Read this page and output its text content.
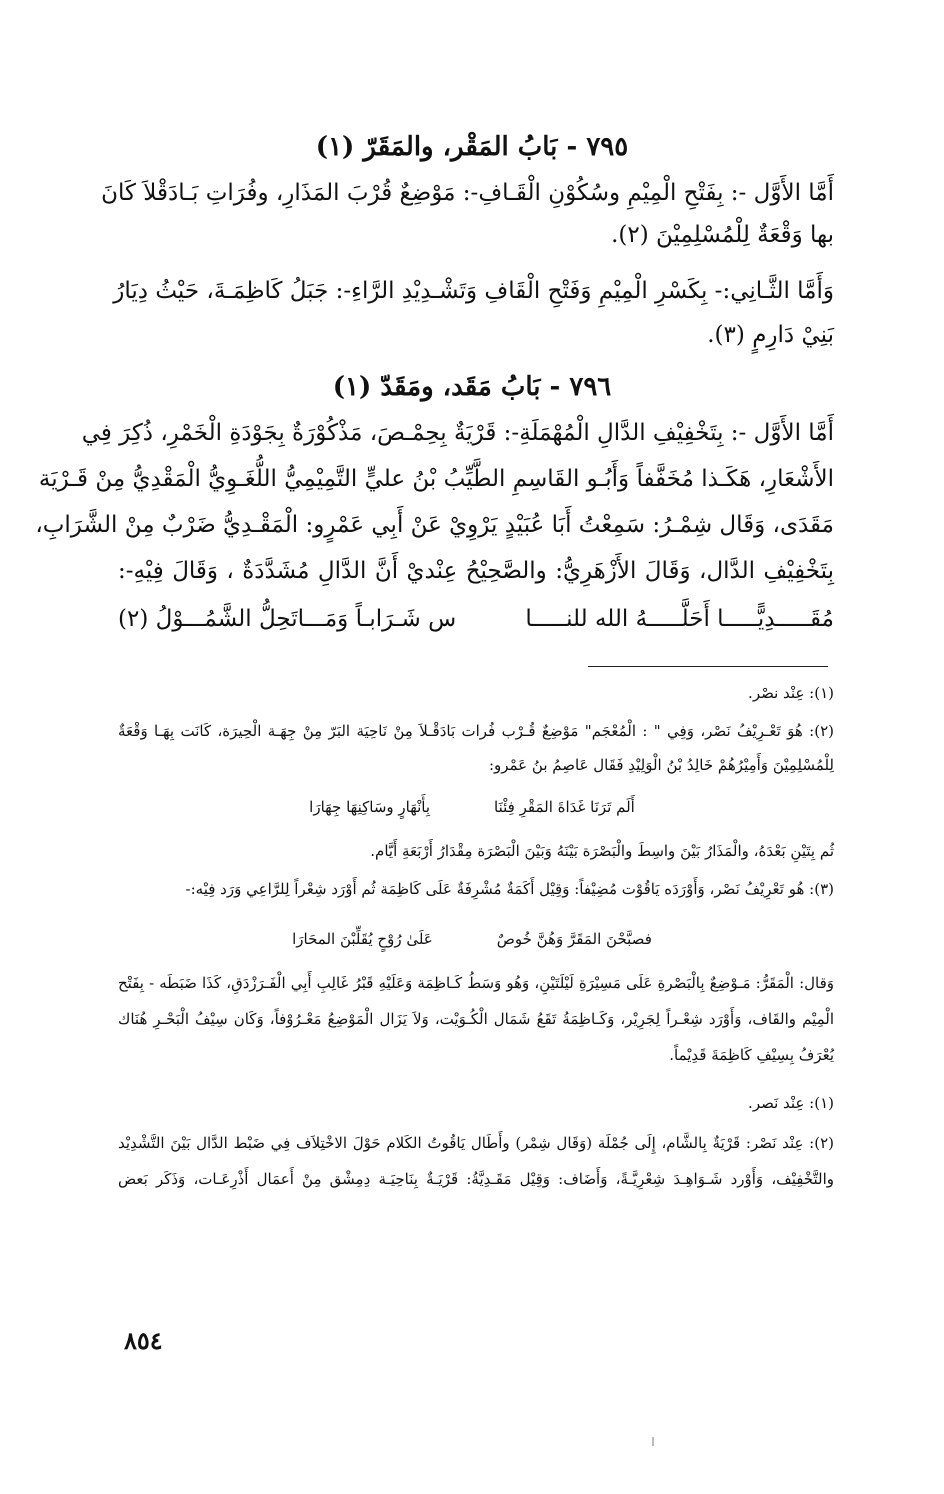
٧٩٥ - بَابُ المَقْر، والمَقَرّ (١)
أَمَّا الأَوَّل -: بِفَتْحِ الْمِيْمِ وسُكُوْنِ الْقَـافِ-: مَوْضِعٌ قُرْبَ المَذَارِ، وفُرَاتِ بَـادَقْلاَ كَانَ
بها وَقْعَةٌ لِلْمُسْلِمِيْنَ (٢).
وَأَمَّا الثَّـانِي:- بِكَسْرِ الْمِيْمِ وَفَتْحِ الْقَافِ وَتَشْـدِيْدِ الرَّاءِ-: جَبَلُ كَاظِمَـةَ، حَيْثُ دِيَارُ
بَنِيْ دَارِمٍ (٣).
٧٩٦ - بَابُ مَقَد، ومَقَدّ (١)
أَمَّا الأَوَّل -: بِتَخْفِيْفِ الدَّالِ الْمُهْمَلَةِ-: قَرْيَةٌ بِحِمْـصَ، مَذْكُوْرَةٌ بِجَوْدَةِ الْخَمْرِ، ذُكِرَ فِي
الأَشْعَارِ، هَكَـذا مُخَفَّفاً وَأَبُـو القَاسِمِ الطَّيِّبُ بْنُ عليٍّ التَّمِيْمِيُّ اللُّغَـوِيُّ الْمَقْدِيُّ مِنْ قَـرْيَة
مَقَدَى، وَقَال شِمْـرُ: سَمِعْتُ أَبَا عُبَيْدٍ يَرْوِيْ عَنْ أَبِي عَمْرٍو: الْمَقْـدِيُّ ضَرْبٌ مِنْ الشَّرَابِ،
بِتَخْفِيْفِ الدَّال، وَقَالَ الأَزْهَرِيُّ: والصَّحِيْحُ عِنْديْ أَنَّ الدَّالِ مُشَدَّدَةٌ ، وَقَالَ فِيْهِ-:
مُقَـــــدِيًّـــــا أَحَلَّـــــهُ الله للنـــــا
س شَـرَابـاً وَمَـــاتَحِلُّ الشَّمُـــوْلُ (٢)
(١): عِنْد نصْر.
(٢): هُوَ تَعْـرِيْفُ نَصْر، وَفِي " : الْمُعْجَم" مَوْضِعٌ قُـرْب فُرات بَادَقْـلاَ مِنْ نَاحِيَة البَرّ مِنْ جِهَـة الْحِيرَة، كَانَت بِهَـا وَقْعَةٌ
لِلْمُسْلِمِيْنَ وَأَمِيْرُهُمْ خَالِدُ بْنُ الْوَلِيْدِ فَقَال عَاصِمُ بنُ عَمْرو:
أَلَم تَرَنَا غَدَاةَ المَقْرِ فِئْنَا
بِأَنْهَارٍ وسَاكِنِهَا جِهَارَا
ثُم بِتَيْنِ بَعْدَهُ، والْمَذَارُ بَيْنَ واسِطَ والْبَصْرَة بَيْنَهُ وَبَيْنَ الْبَصْرَة مِقْدَارُ أَرْبَعَةِ أَيَّام.
(٣): هُو تَعْرِيْفُ نَصْر، وَأَوْرَدَه يَاقُوْت مُضِيْفاً: وَقِيْل أَكَمَةٌ مُشْرِفَةٌ عَلَى كَاظِمَة ثُم أَوْرَد شِعْراً لِلرَّاعِي وَرَد فِيْه:-
فصبَّحْنَ المَقَرَّ وَهُنَّ خُوصٌ
عَلَىٰ رُوْحٍ يُقَلِّبْنَ المحَارَا
وَقال: الْمَقَرُّ: مَـوْضِعٌ بِالْبَصْرةِ عَلَى مَسِيْرَةِ لَيْلَتَيْنِ، وَهُو وَسَطُ كَـاظِمَة وَعَلَيْهِ قَبْرُ غَالِبِ أَبِي الْفَـرَزْدَقِ، كَذَا ضَبَطَه - بِفَتْح
الْمِيْم والقَاف، وَأَوْرَد شِعْـراً لِجَرِيْر، وَكَـاظِمَةُ تَقَعُ شَمَال الْكُـوَيْت، وَلاَ يَزَال الْمَوْضِعُ مَعْـرُوْفاً، وَكَان سِيْفُ الْبَحْـرِ هُنَاك
يُعْرَفُ بِسِيْفِ كَاظِمَةَ قَدِيْماً.
(١): عِنْد نَصر.
(٢): عِنْد نَصْر: قَرْيَةٌ بِالشَّام، إِلَى جُمْلَة (وَقَال شِمْر) وأَطَال يَاقُوتُ الكَلام حَوْلَ الاخْتِلاَف فِي ضَبْط الدَّال بَيْنَ التَّشْدِيْد
والتَّخْفِيْف، وَأَوْرد شَـوَاهِـدَ شِعْرِيَّـةً، وَأَضَاف: وَقِيْل مَقَـدِيَّةُ: قَرْيَـةٌ بِنَاحِيَـة دِمِشْق مِنْ أَعمَال أَذْرِعَـات، وَذَكَر بَعض
٨٥٤
